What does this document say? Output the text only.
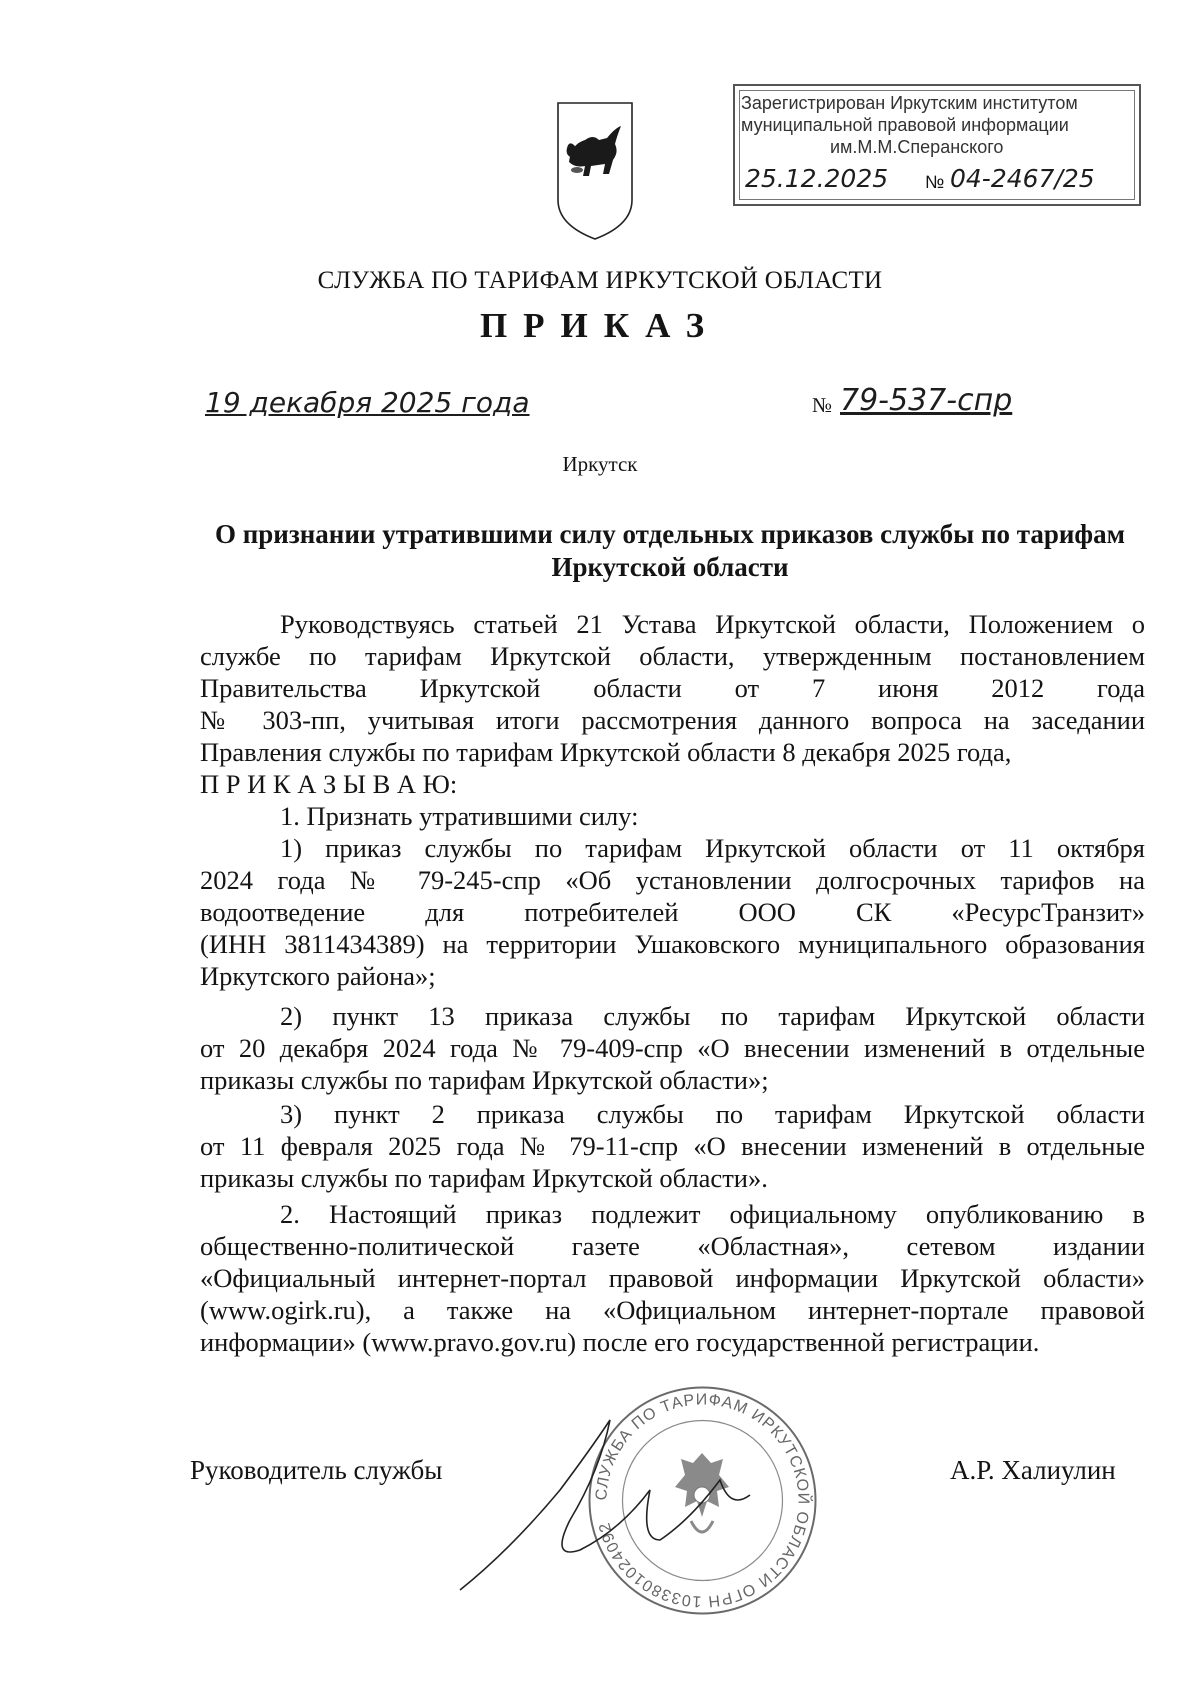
Зарегистрирован Иркутским институтом
муниципальной правовой информации
им.М.М.Сперанского
25.12.2025 № 04-2467/25
СЛУЖБА ПО ТАРИФАМ ИРКУТСКОЙ ОБЛАСТИ
ПРИКАЗ
19 декабря 2025 года	№ 79-537-спр
Иркутск
О признании утратившими силу отдельных приказов службы по тарифам
Иркутской области
Руководствуясь статьей 21 Устава Иркутской области, Положением о
службе по тарифам Иркутской области, утвержденным постановлением
Правительства Иркутской области от 7 июня 2012 года
№ 303-пп, учитывая итоги рассмотрения данного вопроса на заседании
Правления службы по тарифам Иркутской области 8 декабря 2025 года,
П Р И К А З Ы В А Ю:
1. Признать утратившими силу:
1) приказ службы по тарифам Иркутской области от 11 октября
2024 года № 79-245-спр «Об установлении долгосрочных тарифов на
водоотведение для потребителей ООО СК «РесурсТранзит»
(ИНН 3811434389) на территории Ушаковского муниципального образования
Иркутского района»;
2) пункт 13 приказа службы по тарифам Иркутской области
от 20 декабря 2024 года № 79-409-спр «О внесении изменений в отдельные
приказы службы по тарифам Иркутской области»;
3) пункт 2 приказа службы по тарифам Иркутской области
от 11 февраля 2025 года № 79-11-спр «О внесении изменений в отдельные
приказы службы по тарифам Иркутской области».
2. Настоящий приказ подлежит официальному опубликованию в
общественно-политической газете «Областная», сетевом издании
«Официальный интернет-портал правовой информации Иркутской области»
(www.ogirk.ru), а также на «Официальном интернет-портале правовой
информации» (www.pravo.gov.ru) после его государственной регистрации.
СЛУЖБА ПО ТАРИФАМ ИРКУТСКОЙ ОБЛАСТИ ОГРН 1033801024092
Руководитель службы	А.Р. Халиулин
